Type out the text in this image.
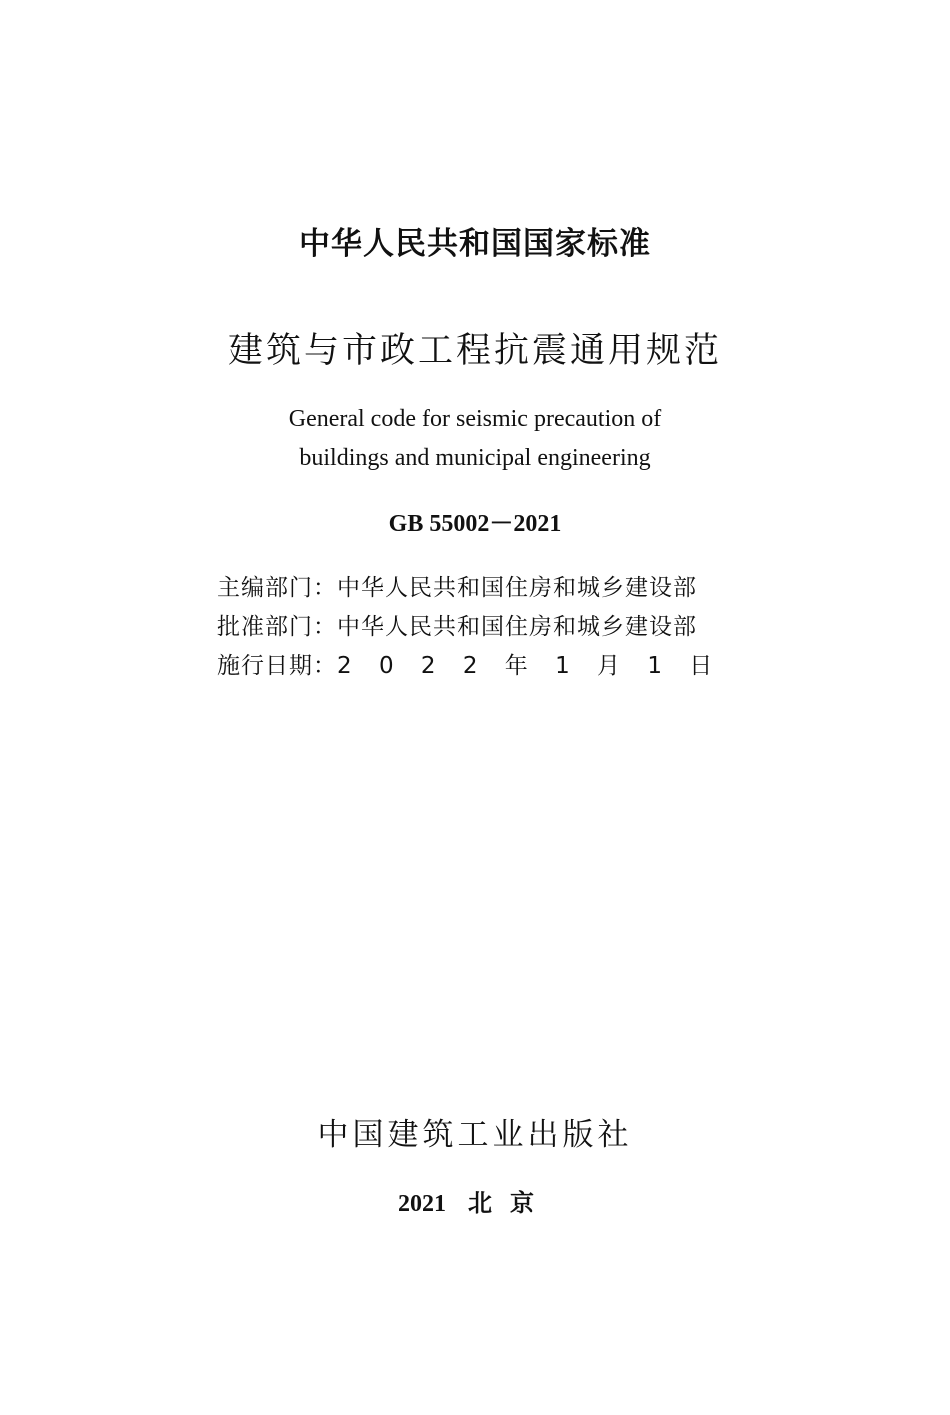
中华人民共和国国家标准
建筑与市政工程抗震通用规范
General code for seismic precaution of
buildings and municipal engineering
GB 55002－2021
主编部门：中华人民共和国住房和城乡建设部
批准部门：中华人民共和国住房和城乡建设部
施行日期：2 0 2 2 年 1 月 1 日
中国建筑工业出版社
2021 北京
